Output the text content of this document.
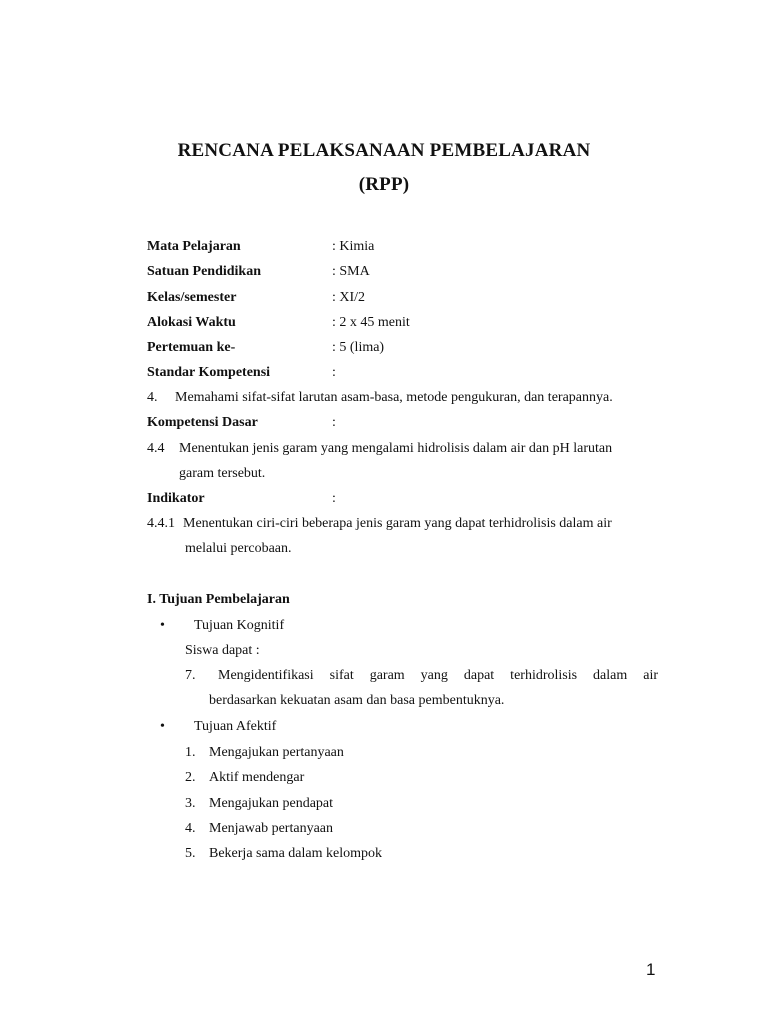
RENCANA PELAKSANAAN PEMBELAJARAN
(RPP)
Mata Pelajaran	: Kimia
Satuan Pendidikan	: SMA
Kelas/semester	: XI/2
Alokasi Waktu	: 2 x 45 menit
Pertemuan ke-	: 5 (lima)
Standar Kompetensi	:
4. Memahami sifat-sifat larutan asam-basa, metode pengukuran, dan terapannya.
Kompetensi Dasar	:
4.4 Menentukan jenis garam yang mengalami hidrolisis dalam air dan pH larutan
garam tersebut.
Indikator	:
4.4.1 Menentukan ciri-ciri beberapa jenis garam yang dapat terhidrolisis dalam air
melalui percobaan.
I. Tujuan Pembelajaran
• Tujuan Kognitif
Siswa dapat :
7. Mengidentifikasi sifat garam yang dapat terhidrolisis dalam air
berdasarkan kekuatan asam dan basa pembentuknya.
• Tujuan Afektif
1. Mengajukan pertanyaan
2. Aktif mendengar
3. Mengajukan pendapat
4. Menjawab pertanyaan
5. Bekerja sama dalam kelompok
1
